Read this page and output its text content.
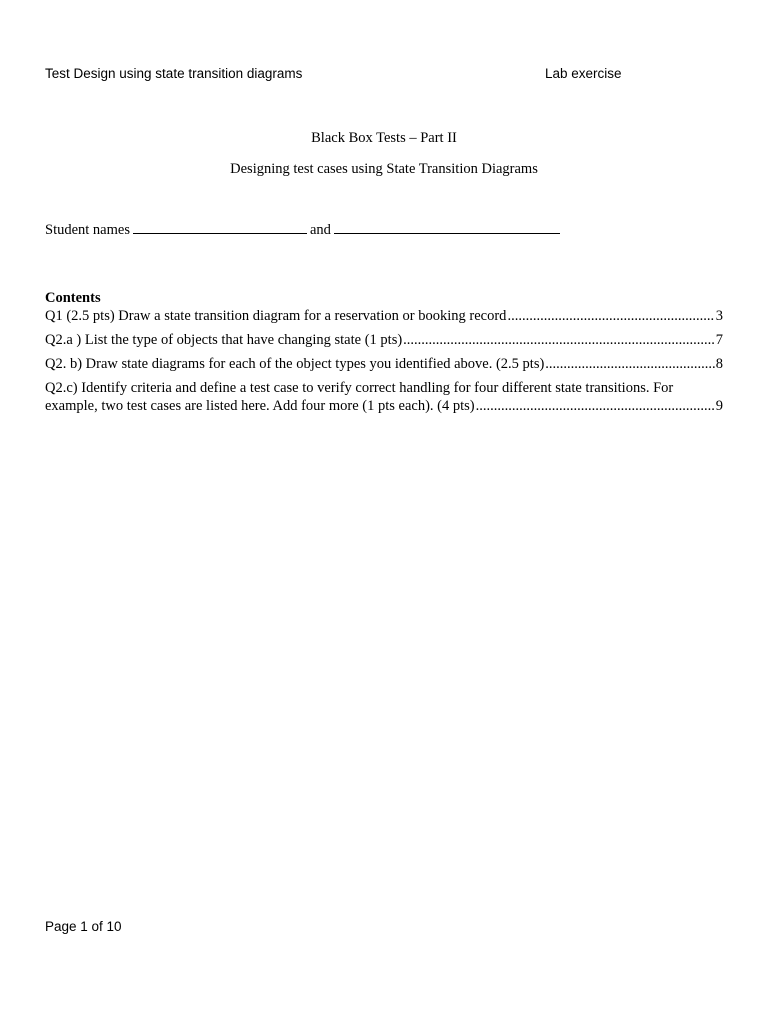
Test Design using state transition diagrams	Lab exercise
Black Box Tests – Part II
Designing test cases using State Transition Diagrams
Student names	and
Contents
Q1 (2.5 pts) Draw a state transition diagram for a reservation or booking record .....	3
Q2.a ) List the type of objects that have changing state (1 pts) .....	7
Q2. b) Draw state diagrams for each of the object types you identified above. (2.5 pts) .....	8
Q2.c) Identify criteria and define a test case to verify correct handling for four different state transitions. For
example, two test cases are listed here. Add four more (1 pts each). (4 pts) .....	9
Page 1 of 10
